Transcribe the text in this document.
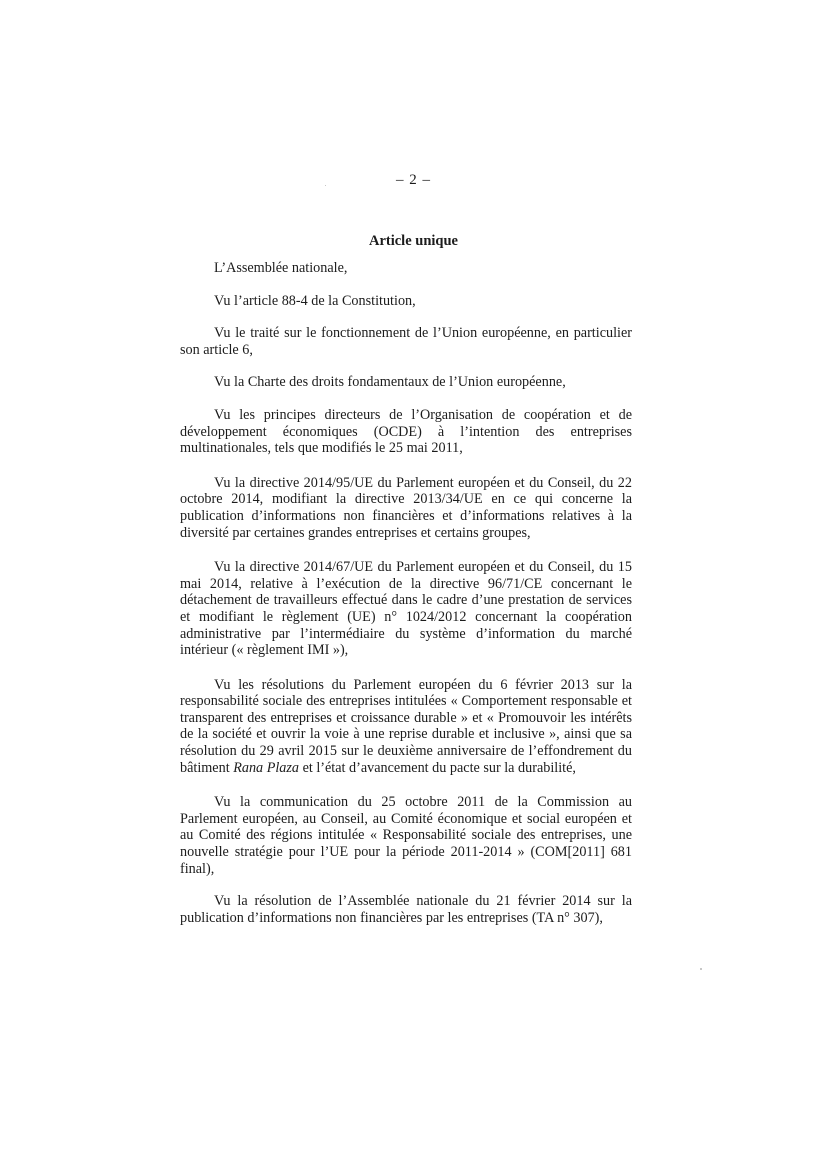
– 2 –
Article unique

L’Assemblée nationale,

Vu l’article 88-4 de la Constitution,

Vu le traité sur le fonctionnement de l’Union européenne, en particulier son article 6,

Vu la Charte des droits fondamentaux de l’Union européenne,

Vu les principes directeurs de l’Organisation de coopération et de développement économiques (OCDE) à l’intention des entreprises multinationales, tels que modifiés le 25 mai 2011,

Vu la directive 2014/95/UE du Parlement européen et du Conseil, du 22 octobre 2014, modifiant la directive 2013/34/UE en ce qui concerne la publication d’informations non financières et d’informations relatives à la diversité par certaines grandes entreprises et certains groupes,

Vu la directive 2014/67/UE du Parlement européen et du Conseil, du 15 mai 2014, relative à l’exécution de la directive 96/71/CE concernant le détachement de travailleurs effectué dans le cadre d’une prestation de services et modifiant le règlement (UE) n° 1024/2012 concernant la coopération administrative par l’intermédiaire du système d’information du marché intérieur (« règlement IMI »),

Vu les résolutions du Parlement européen du 6 février 2013 sur la responsabilité sociale des entreprises intitulées « Comportement responsable et transparent des entreprises et croissance durable » et « Promouvoir les intérêts de la société et ouvrir la voie à une reprise durable et inclusive », ainsi que sa résolution du 29 avril 2015 sur le deuxième anniversaire de l’effondrement du bâtiment Rana Plaza et l’état d’avancement du pacte sur la durabilité,

Vu la communication du 25 octobre 2011 de la Commission au Parlement européen, au Conseil, au Comité économique et social européen et au Comité des régions intitulée « Responsabilité sociale des entreprises, une nouvelle stratégie pour l’UE pour la période 2011-2014 » (COM[2011] 681 final),

Vu la résolution de l’Assemblée nationale du 21 février 2014 sur la publication d’informations non financières par les entreprises (TA n° 307),
